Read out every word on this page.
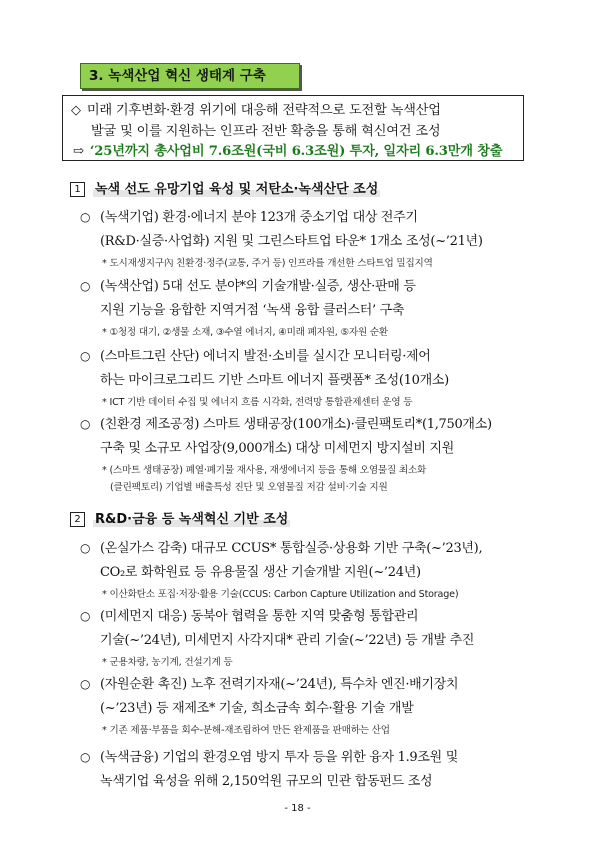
3. 녹색산업 혁신 생태계 구축
◇ 미래 기후변화·환경 위기에 대응해 전략적으로 도전할 녹색산업
발굴 및 이를 지원하는 인프라 전반 확충을 통해 혁신여건 조성
⇨ ‘25년까지 총사업비 7.6조원(국비 6.3조원) 투자, 일자리 6.3만개 창출
1 녹색 선도 유망기업 육성 및 저탄소·녹색산단 조성
○ (녹색기업) 환경·에너지 분야 123개 중소기업 대상 전주기
(R&D·실증·사업화) 지원 및 그린스타트업 타운* 1개소 조성(~’21년)
* 도시재생지구內 친환경·정주(교통, 주거 등) 인프라를 개선한 스타트업 밀집지역
○ (녹색산업) 5대 선도 분야*의 기술개발·실증, 생산·판매 등
지원 기능을 융합한 지역거점 ‘녹색 융합 클러스터’ 구축
* ①청정 대기, ②생물 소재, ③수열 에너지, ④미래 폐자원, ⑤자원 순환
○ (스마트그린 산단) 에너지 발전·소비를 실시간 모니터링·제어
하는 마이크로그리드 기반 스마트 에너지 플랫폼* 조성(10개소)
* ICT 기반 데이터 수집 및 에너지 흐름 시각화, 전력망 통합관제센터 운영 등
○ (친환경 제조공정) 스마트 생태공장(100개소)·클린팩토리*(1,750개소)
구축 및 소규모 사업장(9,000개소) 대상 미세먼지 방지설비 지원
* (스마트 생태공장) 폐열·폐기물 재사용, 재생에너지 등을 통해 오염물질 최소화
(클린팩토리) 기업별 배출특성 진단 및 오염물질 저감 설비·기술 지원
2 R&D·금융 등 녹색혁신 기반 조성
○ (온실가스 감축) 대규모 CCUS* 통합실증·상용화 기반 구축(~’23년),
CO₂로 화학원료 등 유용물질 생산 기술개발 지원(~’24년)
* 이산화탄소 포집·저장·활용 기술(CCUS: Carbon Capture Utilization and Storage)
○ (미세먼지 대응) 동북아 협력을 통한 지역 맞춤형 통합관리
기술(~’24년), 미세먼지 사각지대* 관리 기술(~’22년) 등 개발 추진
* 군용차량, 농기계, 건설기계 등
○ (자원순환 촉진) 노후 전력기자재(~’24년), 특수차 엔진·배기장치
(~’23년) 등 재제조* 기술, 희소금속 회수·활용 기술 개발
* 기존 제품·부품을 회수-분해-재조립하여 만든 완제품을 판매하는 산업
○ (녹색금융) 기업의 환경오염 방지 투자 등을 위한 융자 1.9조원 및
녹색기업 육성을 위해 2,150억원 규모의 민관 합동펀드 조성
- 18 -
